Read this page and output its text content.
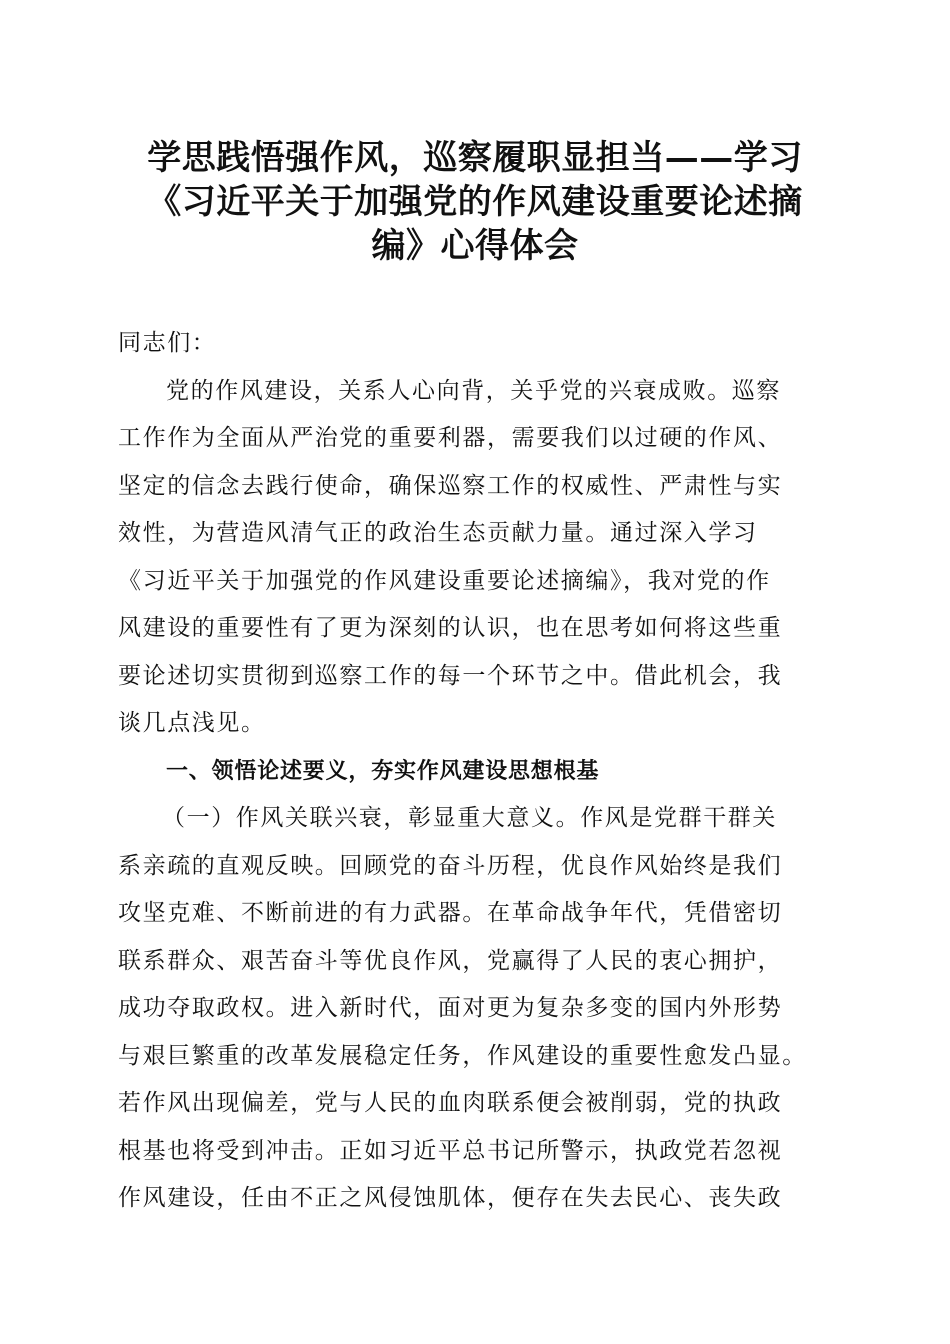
学思践悟强作风，巡察履职显担当——学习
《习近平关于加强党的作风建设重要论述摘
编》心得体会
同志们：
党的作风建设，关系人心向背，关乎党的兴衰成败。巡察
工作作为全面从严治党的重要利器，需要我们以过硬的作风、
坚定的信念去践行使命，确保巡察工作的权威性、严肃性与实
效性，为营造风清气正的政治生态贡献力量。通过深入学习
《习近平关于加强党的作风建设重要论述摘编》，我对党的作
风建设的重要性有了更为深刻的认识，也在思考如何将这些重
要论述切实贯彻到巡察工作的每一个环节之中。借此机会，我
谈几点浅见。
一、领悟论述要义，夯实作风建设思想根基
（一）作风关联兴衰，彰显重大意义。作风是党群干群关
系亲疏的直观反映。回顾党的奋斗历程，优良作风始终是我们
攻坚克难、不断前进的有力武器。在革命战争年代，凭借密切
联系群众、艰苦奋斗等优良作风，党赢得了人民的衷心拥护，
成功夺取政权。进入新时代，面对更为复杂多变的国内外形势
与艰巨繁重的改革发展稳定任务，作风建设的重要性愈发凸显。
若作风出现偏差，党与人民的血肉联系便会被削弱，党的执政
根基也将受到冲击。正如习近平总书记所警示，执政党若忽视
作风建设，任由不正之风侵蚀肌体，便存在失去民心、丧失政
